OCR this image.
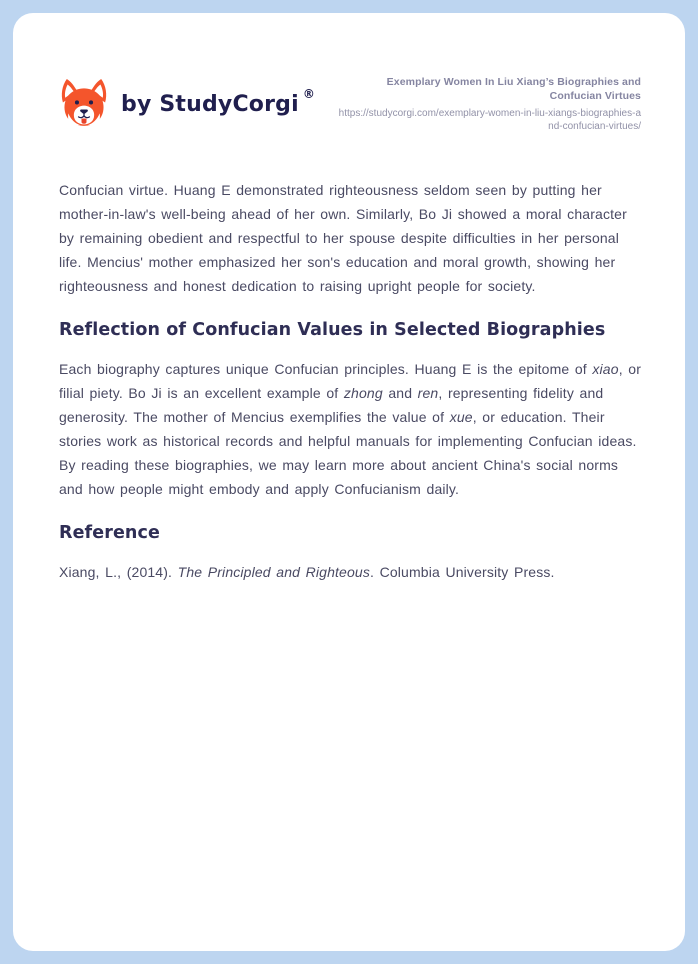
by StudyCorgi ®
Exemplary Women In Liu Xiang’s Biographies and Confucian Virtues
https://studycorgi.com/exemplary-women-in-liu-xiangs-biographies-and-confucian-virtues/

Confucian virtue. Huang E demonstrated righteousness seldom seen by putting her mother-in-law's well-being ahead of her own. Similarly, Bo Ji showed a moral character by remaining obedient and respectful to her spouse despite difficulties in her personal life. Mencius' mother emphasized her son's education and moral growth, showing her righteousness and honest dedication to raising upright people for society.

Reflection of Confucian Values in Selected Biographies

Each biography captures unique Confucian principles. Huang E is the epitome of xiao, or filial piety. Bo Ji is an excellent example of zhong and ren, representing fidelity and generosity. The mother of Mencius exemplifies the value of xue, or education. Their stories work as historical records and helpful manuals for implementing Confucian ideas. By reading these biographies, we may learn more about ancient China's social norms and how people might embody and apply Confucianism daily.

Reference

Xiang, L., (2014). The Principled and Righteous. Columbia University Press.
